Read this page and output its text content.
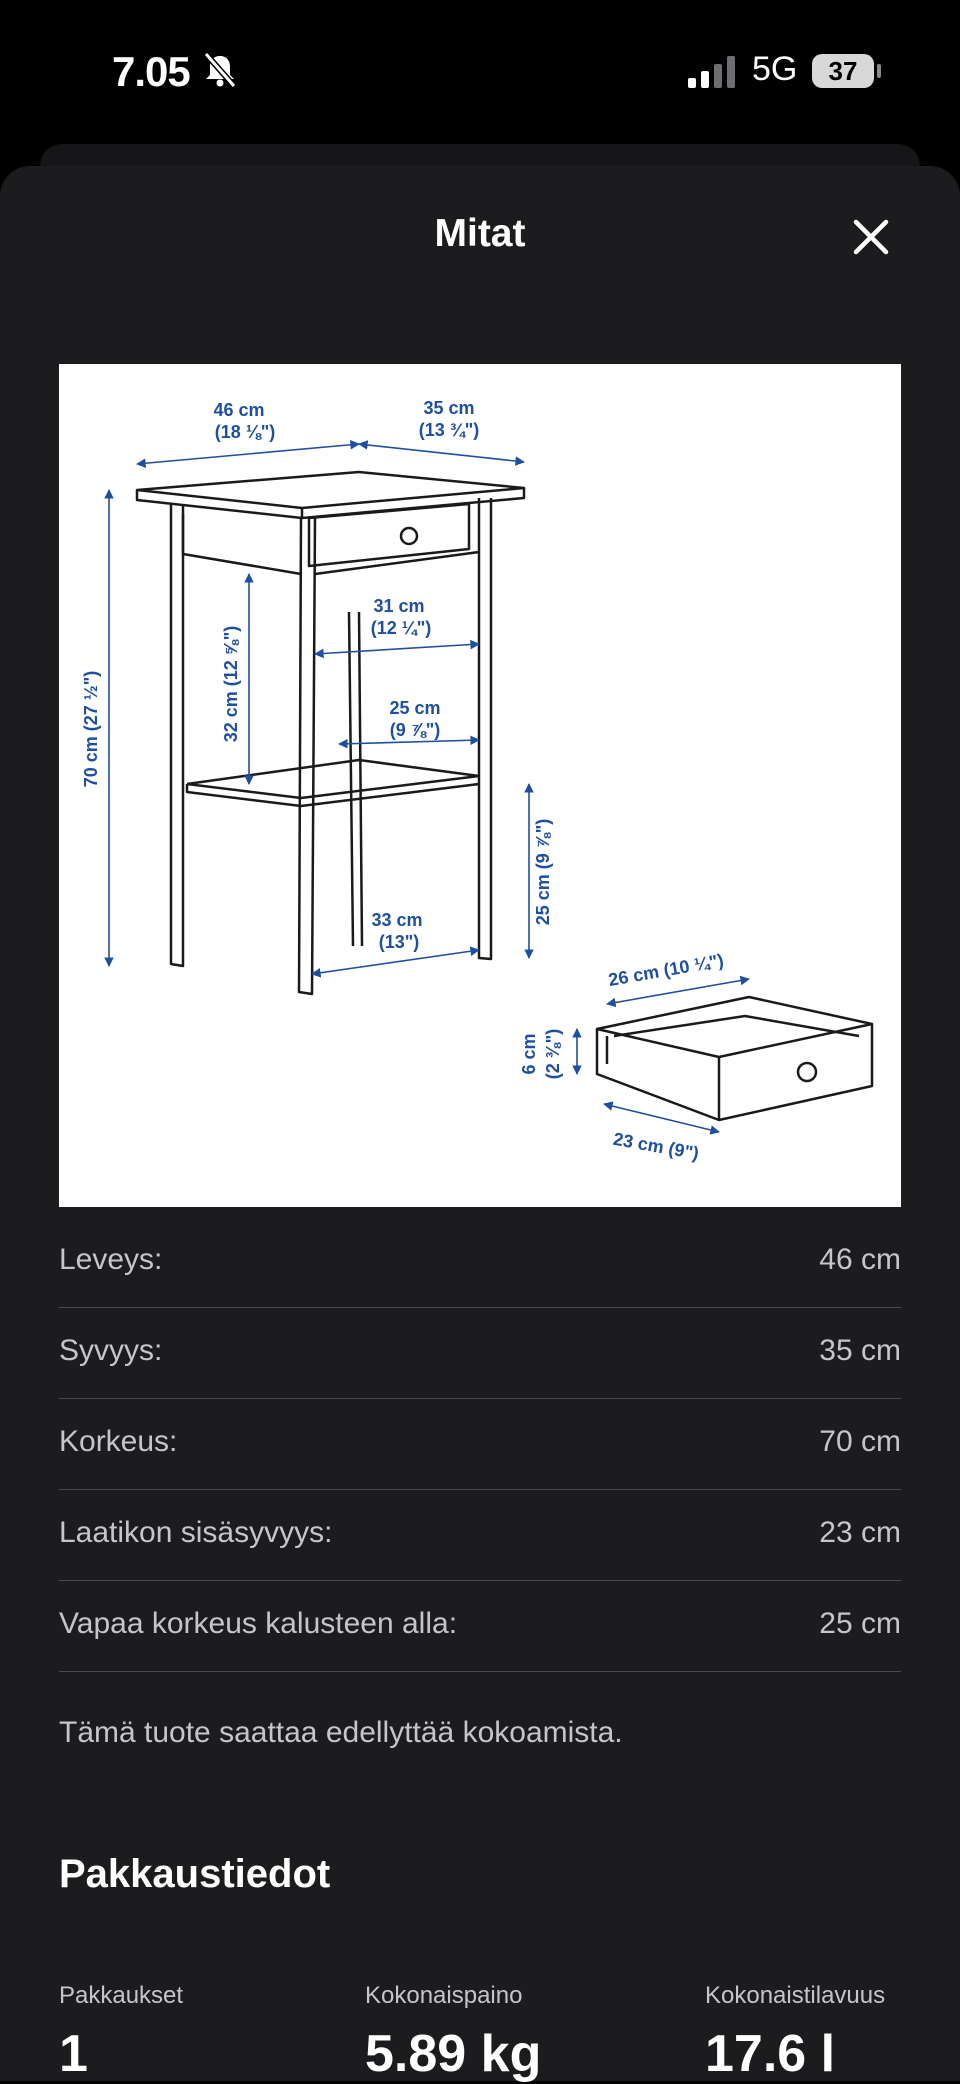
7.05	5G	37
Mitat
46 cm
(18 ⅛")
35 cm
(13 ¾")
70 cm (27 ½")	32 cm (12 ⅝")
31 cm
(12 ¼")
25 cm
(9 ⅞")
25 cm (9 ⅞")
33 cm
(13")
26 cm (10 ¼")
6 cm (2 ⅜")
23 cm (9")
Leveys:	46 cm
Syvyys:	35 cm
Korkeus:	70 cm
Laatikon sisäsyvyys:	23 cm
Vapaa korkeus kalusteen alla:	25 cm
Tämä tuote saattaa edellyttää kokoamista.
Pakkaustiedot
Pakkaukset
1
Kokonaispaino
5.89 kg
Kokonaistilavuus
17.6 l
